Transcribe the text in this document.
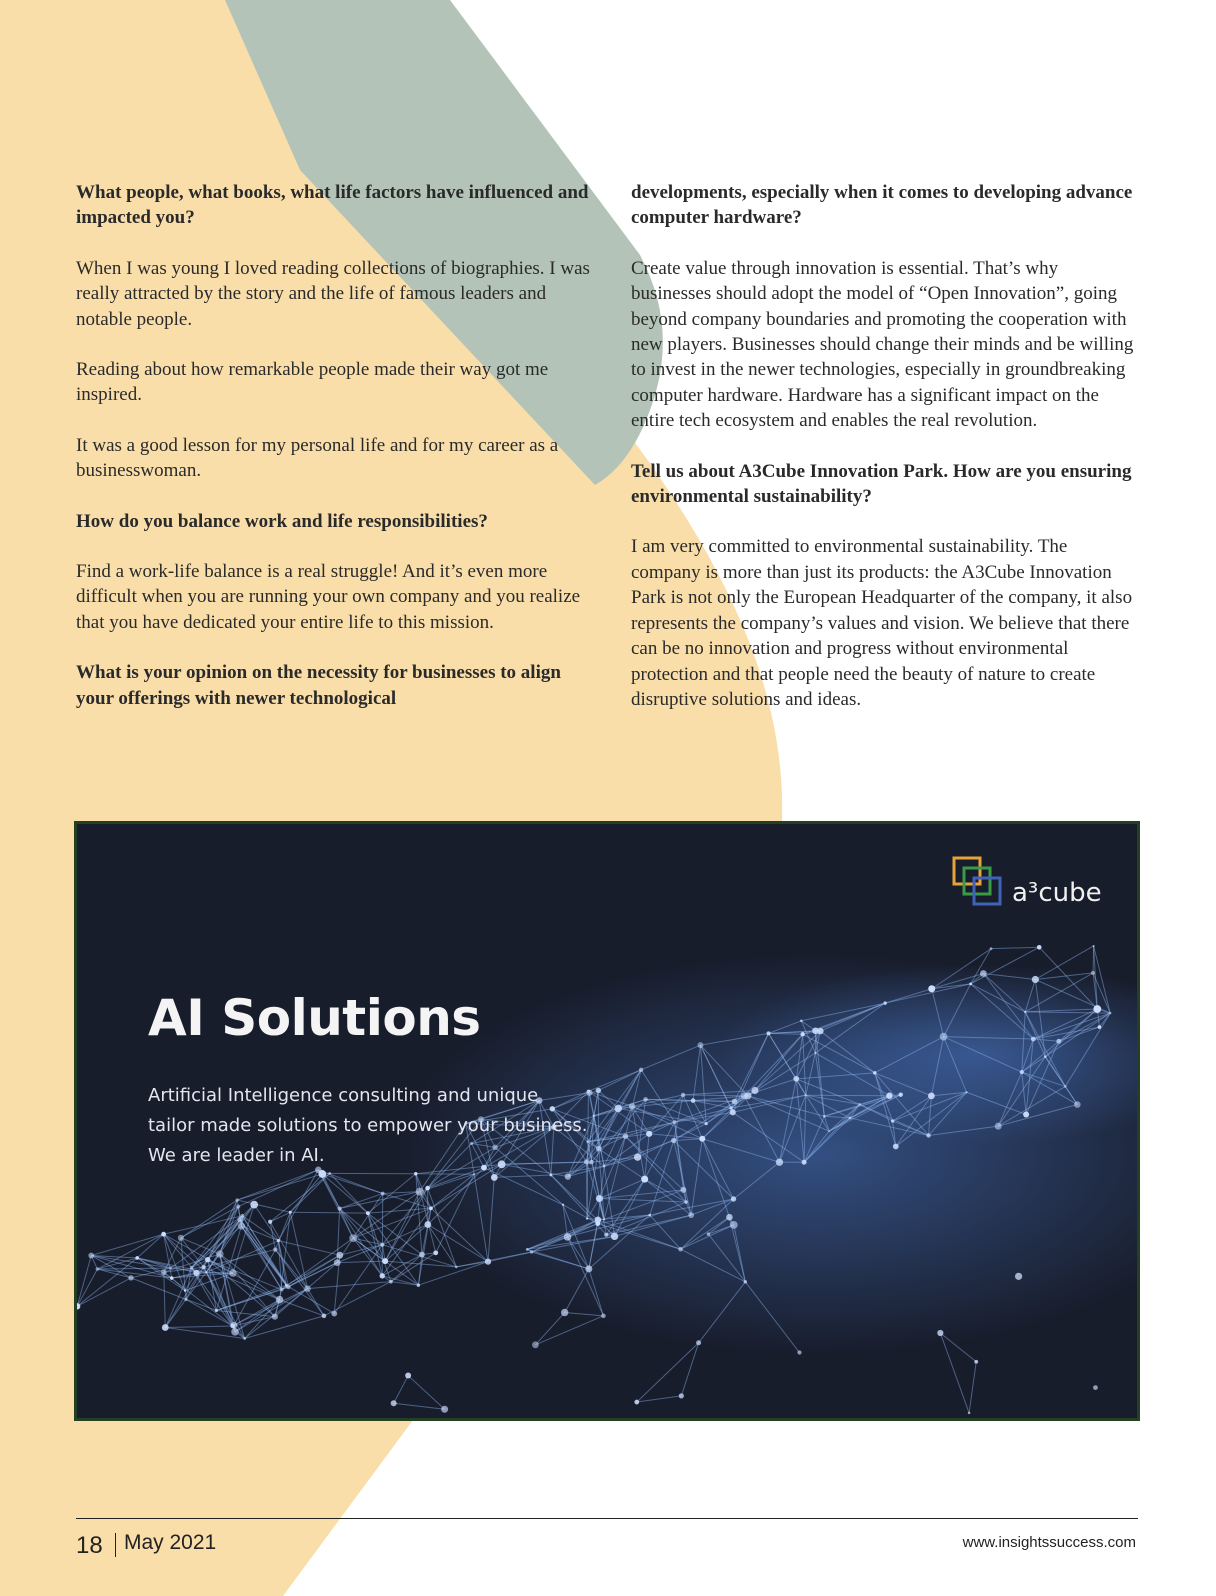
What people, what books, what life factors have influenced and impacted you?

When I was young I loved reading collections of biographies. I was really attracted by the story and the life of famous leaders and notable people.

Reading about how remarkable people made their way got me inspired.

It was a good lesson for my personal life and for my career as a businesswoman.

How do you balance work and life responsibilities?

Find a work-life balance is a real struggle! And it’s even more difficult when you are running your own company and you realize that you have dedicated your entire life to this mission.

What is your opinion on the necessity for businesses to align your offerings with newer technological

developments, especially when it comes to developing advance computer hardware?

Create value through innovation is essential. That’s why businesses should adopt the model of “Open Innovation”, going beyond company boundaries and promoting the cooperation with new players. Businesses should change their minds and be willing to invest in the newer technologies, especially in groundbreaking computer hardware. Hardware has a significant impact on the entire tech ecosystem and enables the real revolution.

Tell us about A3Cube Innovation Park. How are you ensuring environmental sustainability?

I am very committed to environmental sustainability. The company is more than just its products: the A3Cube Innovation Park is not only the European Headquarter of the company, it also represents the company’s values and vision. We believe that there can be no innovation and progress without environmental protection and that people need the beauty of nature to create disruptive solutions and ideas.

a³cube
AI Solutions
Artificial Intelligence consulting and unique
tailor made solutions to empower your business.
We are leader in AI.
18 May 2021	www.insightssuccess.com
